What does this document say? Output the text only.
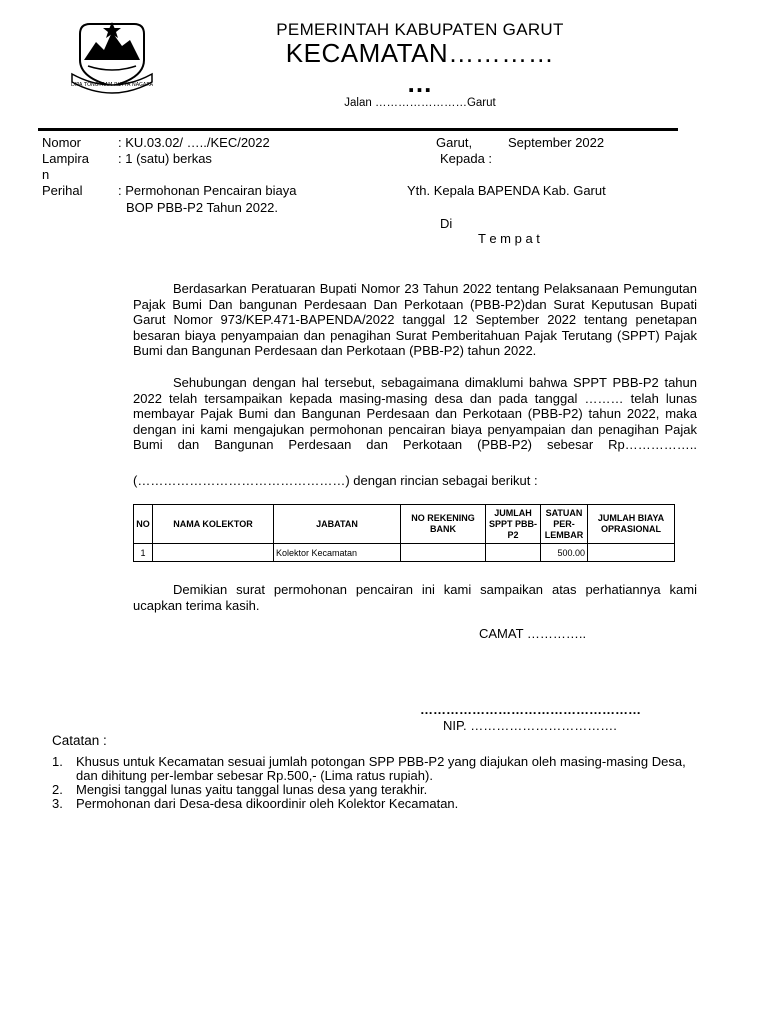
DIPA TONGTRAM RUYTA NAGARA
PEMERINTAH KABUPATEN GARUT
KECAMATAN…………
…
Jalan ……………………Garut
Nomor	: KU.03.02/ …../KEC/2022
Lampira
n
: 1 (satu) berkas
Perihal	: Permohonan Pencairan biaya
BOP PBB-P2 Tahun 2022.
Garut,	September 2022
Kepada :
Yth. Kepala BAPENDA Kab. Garut
Di
T e m p a t
Berdasarkan Peratuaran Bupati Nomor 23 Tahun 2022 tentang Pelaksanaan Pemungutan Pajak Bumi Dan bangunan Perdesaan Dan Perkotaan (PBB-P2)dan Surat Keputusan Bupati Garut Nomor 973/KEP.471-BAPENDA/2022 tanggal 12 September 2022 tentang penetapan besaran biaya penyampaian dan penagihan Surat Pemberitahuan Pajak Terutang (SPPT) Pajak Bumi dan Bangunan Perdesaan dan Perkotaan (PBB-P2) tahun 2022.
Sehubungan dengan hal tersebut, sebagaimana dimaklumi bahwa SPPT PBB-P2 tahun 2022 telah tersampaikan kepada masing-masing desa dan pada tanggal ……… telah lunas membayar Pajak Bumi dan Bangunan Perdesaan dan Perkotaan (PBB-P2) tahun 2022, maka dengan ini kami mengajukan permohonan pencairan biaya penyampaian dan penagihan Pajak Bumi dan Bangunan Perdesaan dan Perkotaan (PBB-P2) sebesar Rp……………..
(…………………………………………) dengan rincian sebagai berikut :
NO	NAMA KOLEKTOR	JABATAN	NO REKENING BANK	JUMLAH SPPT PBB-P2	SATUAN PER-LEMBAR	JUMLAH BIAYA OPRASIONAL
1		Kolektor Kecamatan			500.00	
Demikian surat permohonan pencairan ini kami sampaikan atas perhatiannya kami ucapkan terima kasih.
CAMAT …………..
……………………………………………
NIP. …………………………….
Catatan :
1.	Khusus untuk Kecamatan sesuai jumlah potongan SPP PBB-P2 yang diajukan oleh masing-masing Desa, dan dihitung per-lembar sebesar Rp.500,- (Lima ratus rupiah).
2.	Mengisi tanggal lunas yaitu tanggal lunas desa yang terakhir.
3.	Permohonan dari Desa-desa dikoordinir oleh Kolektor Kecamatan.
